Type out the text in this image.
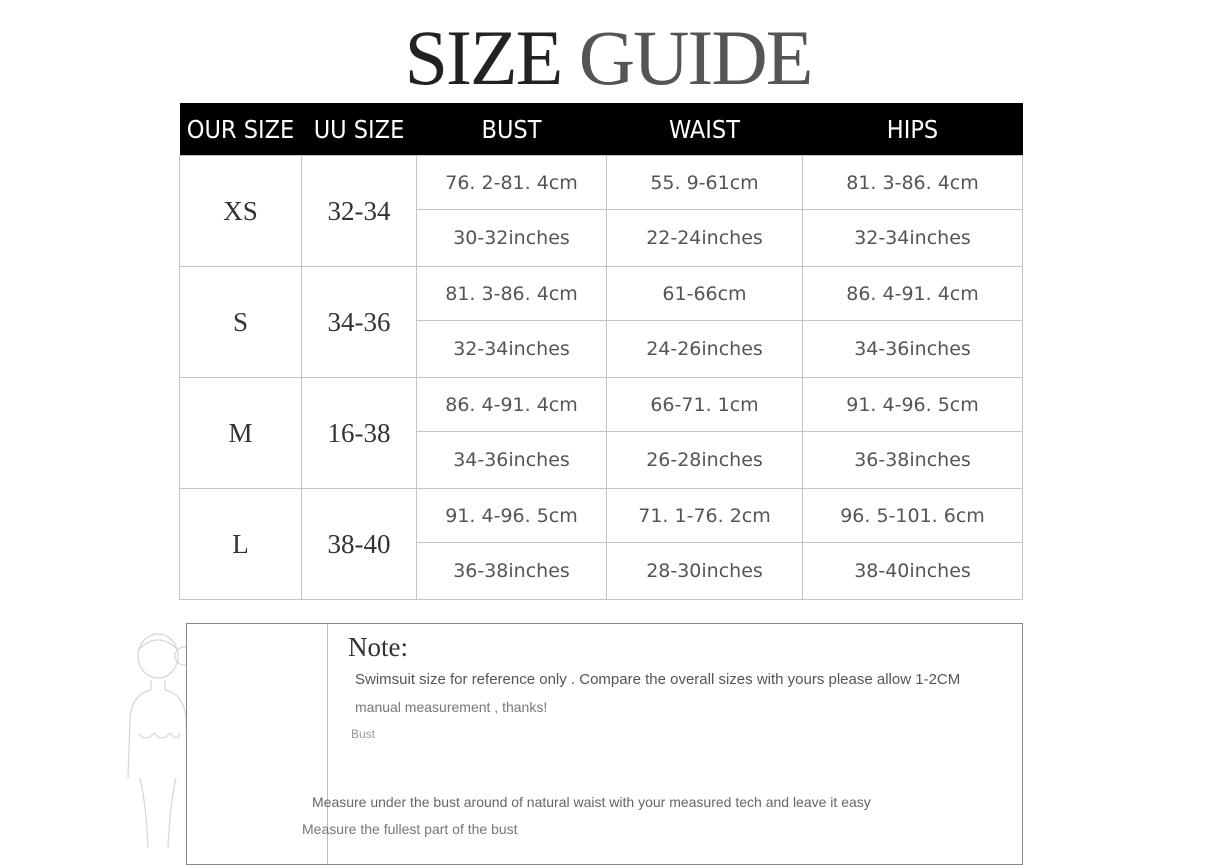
SIZE GUIDE
OUR SIZE	UU SIZE	BUST	WAIST	HIPS
XS	32-34	76. 2-81. 4cm	55. 9-61cm	81. 3-86. 4cm
		30-32inches	22-24inches	32-34inches
S	34-36	81. 3-86. 4cm	61-66cm	86. 4-91. 4cm
		32-34inches	24-26inches	34-36inches
M	16-38	86. 4-91. 4cm	66-71. 1cm	91. 4-96. 5cm
		34-36inches	26-28inches	36-38inches
L	38-40	91. 4-96. 5cm	71. 1-76. 2cm	96. 5-101. 6cm
		36-38inches	28-30inches	38-40inches
Note:
Swimsuit size for reference only . Compare the overall sizes with yours please allow 1-2CM
manual measurement , thanks!
Bust
Measure under the bust around of natural waist with your measured tech and leave it easy
Measure the fullest part of the bust
